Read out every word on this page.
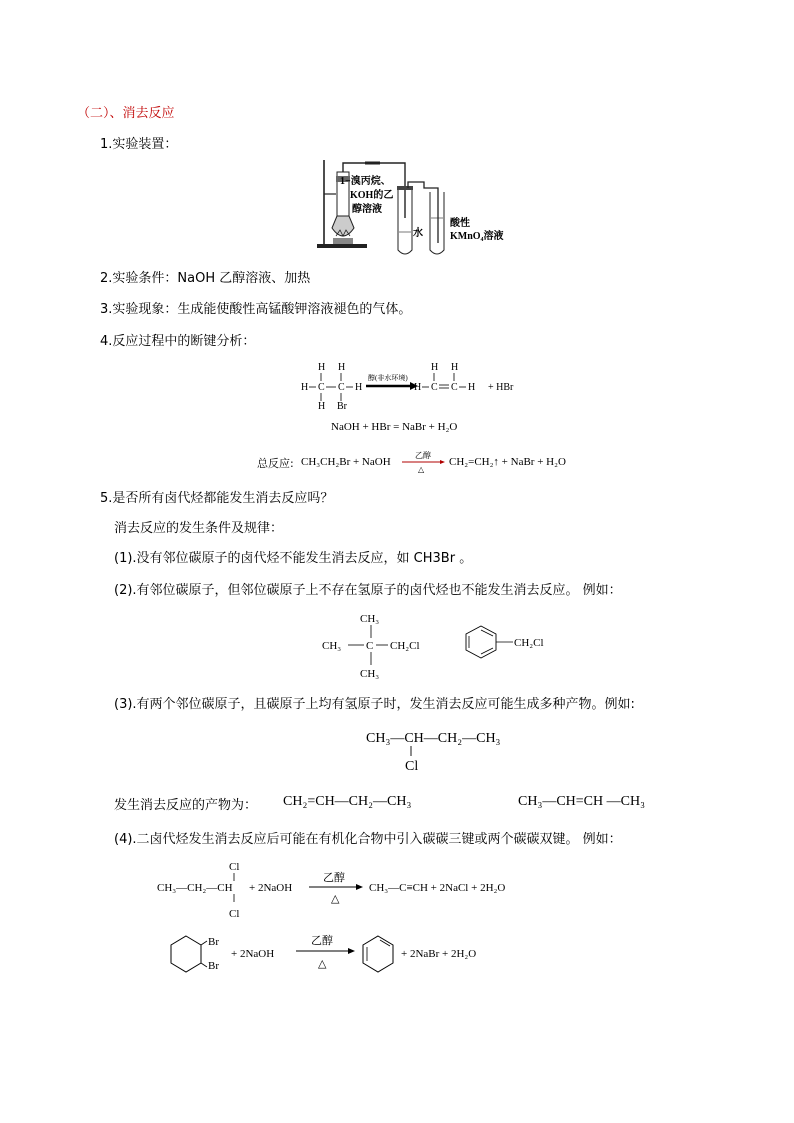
（二）、消去反应
1.实验装置：
1−溴丙烷、
KOH的乙
醇溶液
水
酸性
KMnO₄溶液
2.实验条件：NaOH 乙醇溶液、加热
3.实验现象：生成能使酸性高锰酸钾溶液褪色的气体。
4.反应过程中的断键分析：
H H
H C C H
H Br
醇(非水环境)
H H
H C C H + HBr
NaOH + HBr = NaBr + H₂O
总反应: CH₃CH₂Br + NaOH
乙醇
△
CH₂=CH₂↑ + NaBr + H₂O
5.是否所有卤代烃都能发生消去反应吗？
消去反应的发生条件及规律：
(1).没有邻位碳原子的卤代烃不能发生消去反应，如 CH3Br 。
(2).有邻位碳原子，但邻位碳原子上不存在氢原子的卤代烃也不能发生消去反应。 例如：
CH₃
CH₃ C CH₂Cl
CH₃
CH₂Cl
(3).有两个邻位碳原子，且碳原子上均有氢原子时，发生消去反应可能生成多种产物。例如:
CH₃—CH—CH₂—CH₃
Cl
发生消去反应的产物为： CH₂=CH—CH₂—CH₃	CH₃—CH=CH —CH₃
(4).二卤代烃发生消去反应后可能在有机化合物中引入碳碳三键或两个碳碳双键。 例如：
CH₃—CH₂—CH
Cl
Cl
+ 2NaOH
乙醇
△
CH₃—C≡CH + 2NaCl + 2H₂O
Br
Br
+ 2NaOH
乙醇
△
+ 2NaBr + 2H₂O
